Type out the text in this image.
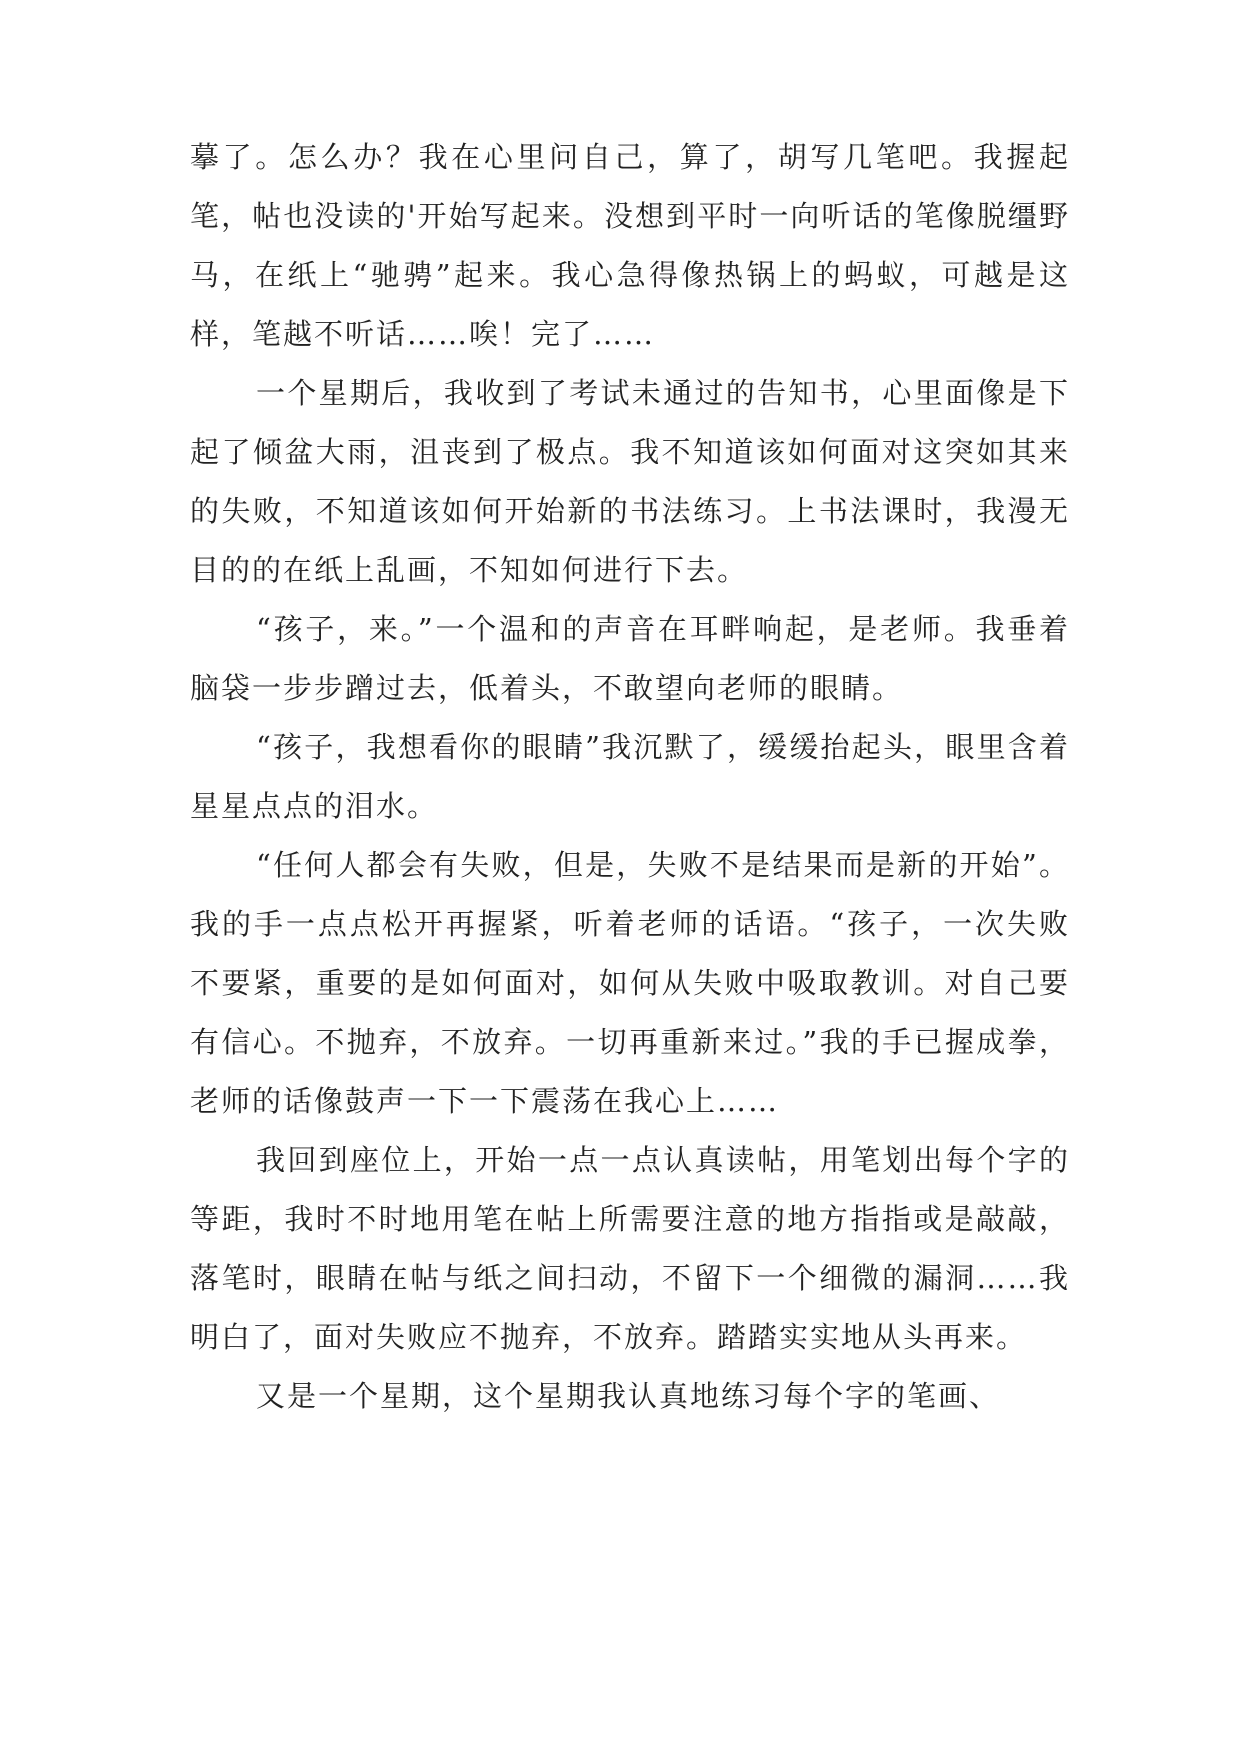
摹了。怎么办？我在心里问自己，算了，胡写几笔吧。我握起笔，帖也没读的'开始写起来。没想到平时一向听话的笔像脱缰野马，在纸上“驰骋”起来。我心急得像热锅上的蚂蚁，可越是这样，笔越不听话……唉！完了……

一个星期后，我收到了考试未通过的告知书，心里面像是下起了倾盆大雨，沮丧到了极点。我不知道该如何面对这突如其来的失败，不知道该如何开始新的书法练习。上书法课时，我漫无目的的在纸上乱画，不知如何进行下去。

“孩子，来。”一个温和的声音在耳畔响起，是老师。我垂着脑袋一步步蹭过去，低着头，不敢望向老师的眼睛。

“孩子，我想看你的眼睛”我沉默了，缓缓抬起头，眼里含着星星点点的泪水。

“任何人都会有失败，但是，失败不是结果而是新的开始”。我的手一点点松开再握紧，听着老师的话语。“孩子，一次失败不要紧，重要的是如何面对，如何从失败中吸取教训。对自己要有信心。不抛弃，不放弃。一切再重新来过。”我的手已握成拳，老师的话像鼓声一下一下震荡在我心上……

我回到座位上，开始一点一点认真读帖，用笔划出每个字的等距，我时不时地用笔在帖上所需要注意的地方指指或是敲敲，落笔时，眼睛在帖与纸之间扫动，不留下一个细微的漏洞……我明白了，面对失败应不抛弃，不放弃。踏踏实实地从头再来。

又是一个星期，这个星期我认真地练习每个字的笔画、
